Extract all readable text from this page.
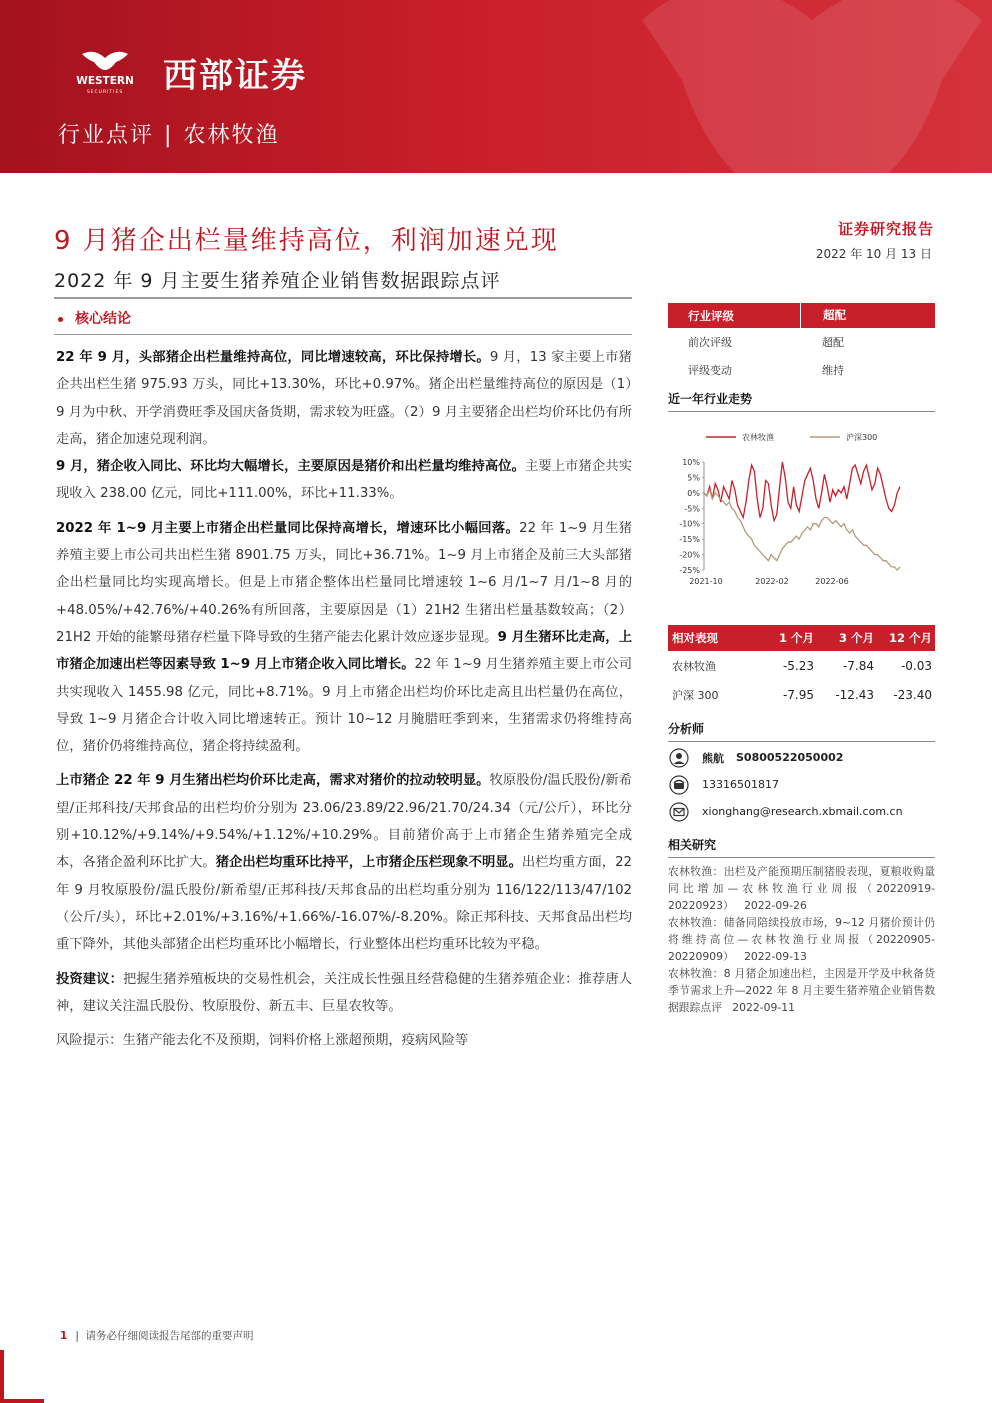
WESTERN
SECURITIES 西部证券
行业点评 | 农林牧渔
9 月猪企出栏量维持高位，利润加速兑现
2022 年 9 月主要生猪养殖企业销售数据跟踪点评
证券研究报告
2022 年 10 月 13 日
核心结论

22 年 9 月，头部猪企出栏量维持高位，同比增速较高，环比保持增长。9 月，13 家主要上市猪企共出栏生猪 975.93 万头，同比+13.30%，环比+0.97%。猪企出栏量维持高位的原因是（1）9 月为中秋、开学消费旺季及国庆备货期，需求较为旺盛。（2）9 月主要猪企出栏均价环比仍有所走高，猪企加速兑现利润。
9 月，猪企收入同比、环比均大幅增长，主要原因是猪价和出栏量均维持高位。主要上市猪企共实现收入 238.00 亿元，同比+111.00%，环比+11.33%。

2022 年 1~9 月主要上市猪企出栏量同比保持高增长，增速环比小幅回落。22 年 1~9 月生猪养殖主要上市公司共出栏生猪 8901.75 万头，同比+36.71%。1~9 月上市猪企及前三大头部猪企出栏量同比均实现高增长。但是上市猪企整体出栏量同比增速较 1~6 月/1~7 月/1~8 月的+48.05%/+42.76%/+40.26%有所回落，主要原因是（1）21H2 生猪出栏量基数较高；（2）21H2 开始的能繁母猪存栏量下降导致的生猪产能去化累计效应逐步显现。9 月生猪环比走高，上市猪企加速出栏等因素导致 1~9 月上市猪企收入同比增长。22 年 1~9 月生猪养殖主要上市公司共实现收入 1455.98 亿元，同比+8.71%。9 月上市猪企出栏均价环比走高且出栏量仍在高位，导致 1~9 月猪企合计收入同比增速转正。预计 10~12 月腌腊旺季到来，生猪需求仍将维持高位，猪价仍将维持高位，猪企将持续盈利。

上市猪企 22 年 9 月生猪出栏均价环比走高，需求对猪价的拉动较明显。牧原股份/温氏股份/新希望/正邦科技/天邦食品的出栏均价分别为 23.06/23.89/22.96/21.70/24.34（元/公斤），环比分别+10.12%/+9.14%/+9.54%/+1.12%/+10.29%。目前猪价高于上市猪企生猪养殖完全成本，各猪企盈利环比扩大。猪企出栏均重环比持平，上市猪企压栏现象不明显。出栏均重方面，22 年 9 月牧原股份/温氏股份/新希望/正邦科技/天邦食品的出栏均重分别为 116/122/113/47/102（公斤/头），环比+2.01%/+3.16%/+1.66%/-16.07%/-8.20%。除正邦科技、天邦食品出栏均重下降外，其他头部猪企出栏均重环比小幅增长，行业整体出栏均重环比较为平稳。

投资建议：把握生猪养殖板块的交易性机会，关注成长性强且经营稳健的生猪养殖企业：推荐唐人神，建议关注温氏股份、牧原股份、新五丰、巨星农牧等。

风险提示：生猪产能去化不及预期，饲料价格上涨超预期，疫病风险等

行业评级	超配
前次评级	超配
评级变动	维持
近一年行业走势
农林牧渔	沪深300
10%
5%
0%
-5%
-10%
-15%
-20%
-25%
2021-10	2022-02	2022-06
相对表现	1 个月	3 个月	12 个月
农林牧渔	-5.23	-7.84	-0.03
沪深 300	-7.95	-12.43	-23.40
分析师
熊航 S0800522050002
13316501817
xionghang@research.xbmail.com.cn
相关研究
农林牧渔：出栏及产能预期压制猪股表现，夏粮收购量同比增加—农林牧渔行业周报（20220919-20220923） 2022-09-26
农林牧渔：储备同陪续投放市场，9~12 月猪价预计仍将维持高位—农林牧渔行业周报（20220905-20220909） 2022-09-13
农林牧渔：8 月猪企加速出栏，主因是开学及中秋备货季节需求上升—2022 年 8 月主要生猪养殖企业销售数据跟踪点评 2022-09-11
1 | 请务必仔细阅读报告尾部的重要声明
